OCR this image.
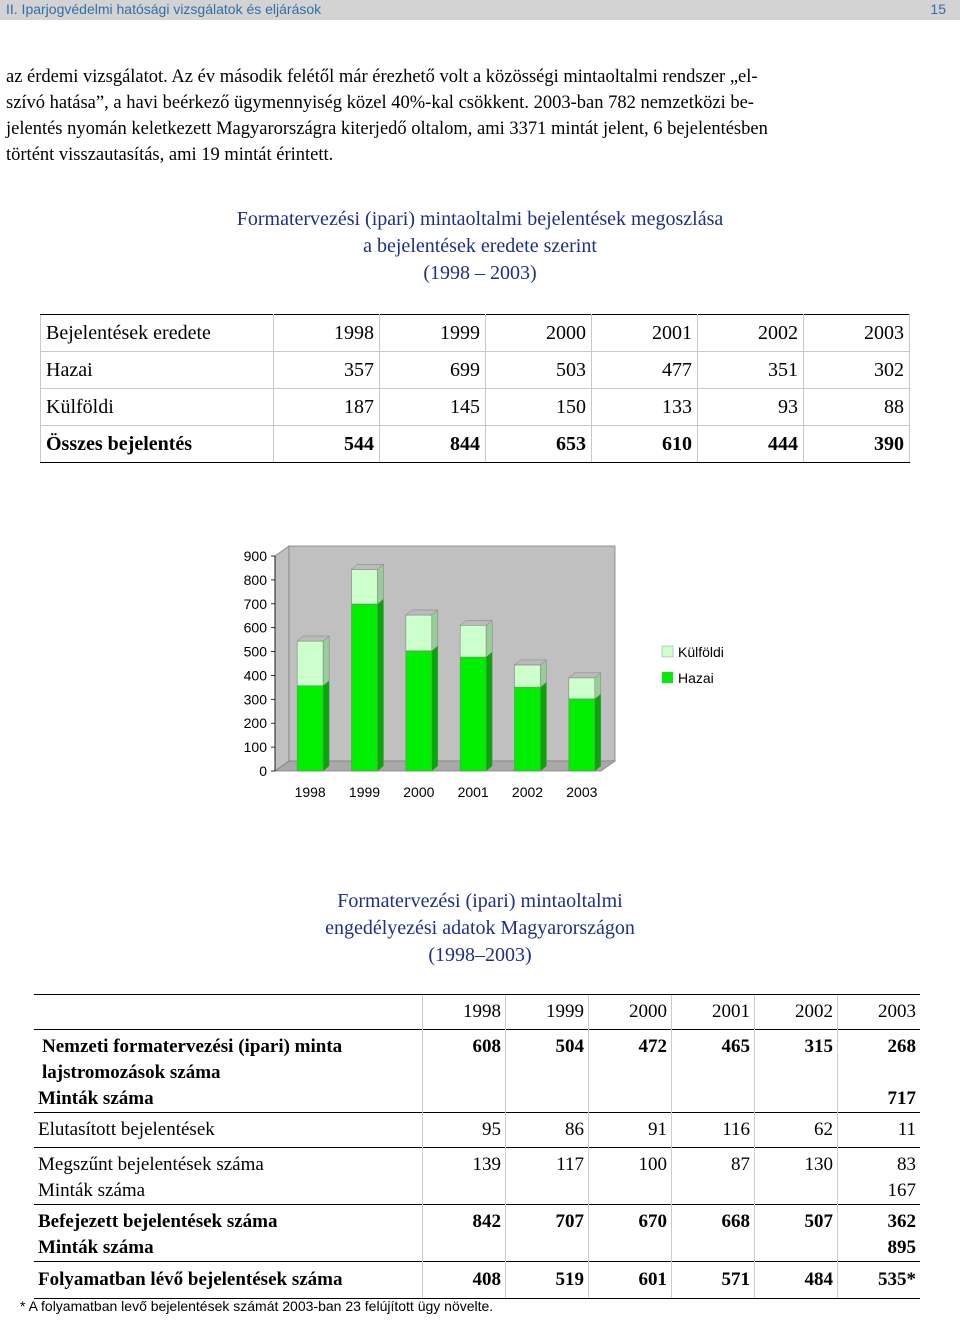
II. Iparjogvédelmi hatósági vizsgálatok és eljárások	15
az érdemi vizsgálatot. Az év második felétől már érezhető volt a közösségi mintaoltalmi rendszer „el-
szívó hatása”, a havi beérkező ügymennyiség közel 40%-kal csökkent. 2003-ban 782 nemzetközi be-
jelentés nyomán keletkezett Magyarországra kiterjedő oltalom, ami 3371 mintát jelent, 6 bejelentésben
történt visszautasítás, ami 19 mintát érintett.
Formatervezési (ipari) mintaoltalmi bejelentések megoszlása
a bejelentések eredete szerint
(1998 – 2003)
Bejelentések eredete	1998	1999	2000	2001	2002	2003
Hazai	357	699	503	477	351	302
Külföldi	187	145	150	133	93	88
Összes bejelentés	544	844	653	610	444	390
0
100
200
300
400
500
600
700
800
900
1998 1999 2000 2001 2002 2003
Külföldi
Hazai
Formatervezési (ipari) mintaoltalmi
engedélyezési adatok Magyarországon
(1998–2003)
	1998	1999	2000	2001	2002	2003

Nemzeti formatervezési (ipari) minta
lajstromozások száma	608	504	472	465	315	268
Minták száma						717
Elutasított bejelentések	95	86	91	116	62	11
Megszűnt bejelentések száma	139	117	100	87	130	83
Minták száma						167
Befejezett bejelentések száma	842	707	670	668	507	362
Minták száma						895
Folyamatban lévő bejelentések száma	408	519	601	571	484	535*
* A folyamatban levő bejelentések számát 2003-ban 23 felújított ügy növelte.
